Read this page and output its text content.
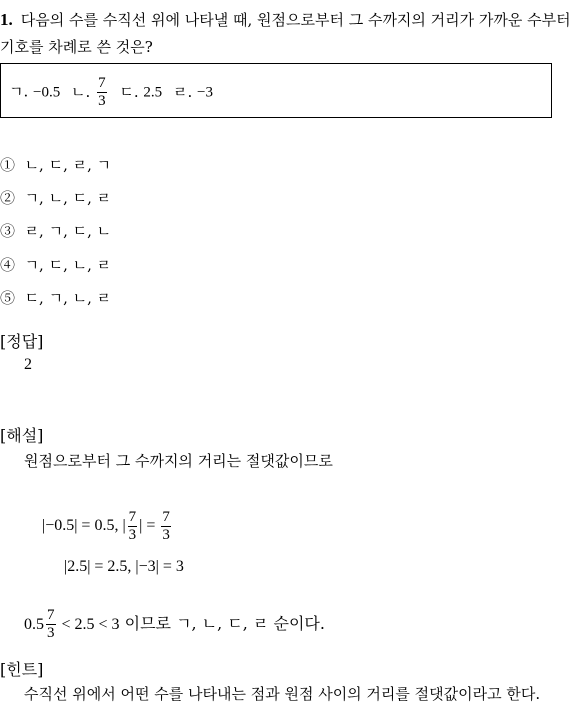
1. 다음의 수를 수직선 위에 나타낼 때, 원점으로부터 그 수까지의 거리가 가까운 수부터 기호를 차례로 쓴 것은?
ㄱ. −0.5 ㄴ. $\frac{7}{3}$ ㄷ. 2.5 ㄹ. −3
① ㄴ, ㄷ, ㄹ, ㄱ
② ㄱ, ㄴ, ㄷ, ㄹ
③ ㄹ, ㄱ, ㄷ, ㄴ
④ ㄱ, ㄷ, ㄴ, ㄹ
⑤ ㄷ, ㄱ, ㄴ, ㄹ
[정답]
2
[해설]
원점으로부터 그 수까지의 거리는 절댓값이므로
|−0.5| = 0.5, | $\frac{7}{3}$ | = $\frac{7}{3}$
|2.5| = 2.5, |−3| = 3
$0.5 \frac{7}{3} < 2.5 < 3$ 이므로 ㄱ, ㄴ, ㄷ, ㄹ 순이다.
[힌트]
수직선 위에서 어떤 수를 나타내는 점과 원점 사이의 거리를 절댓값이라고 한다.
